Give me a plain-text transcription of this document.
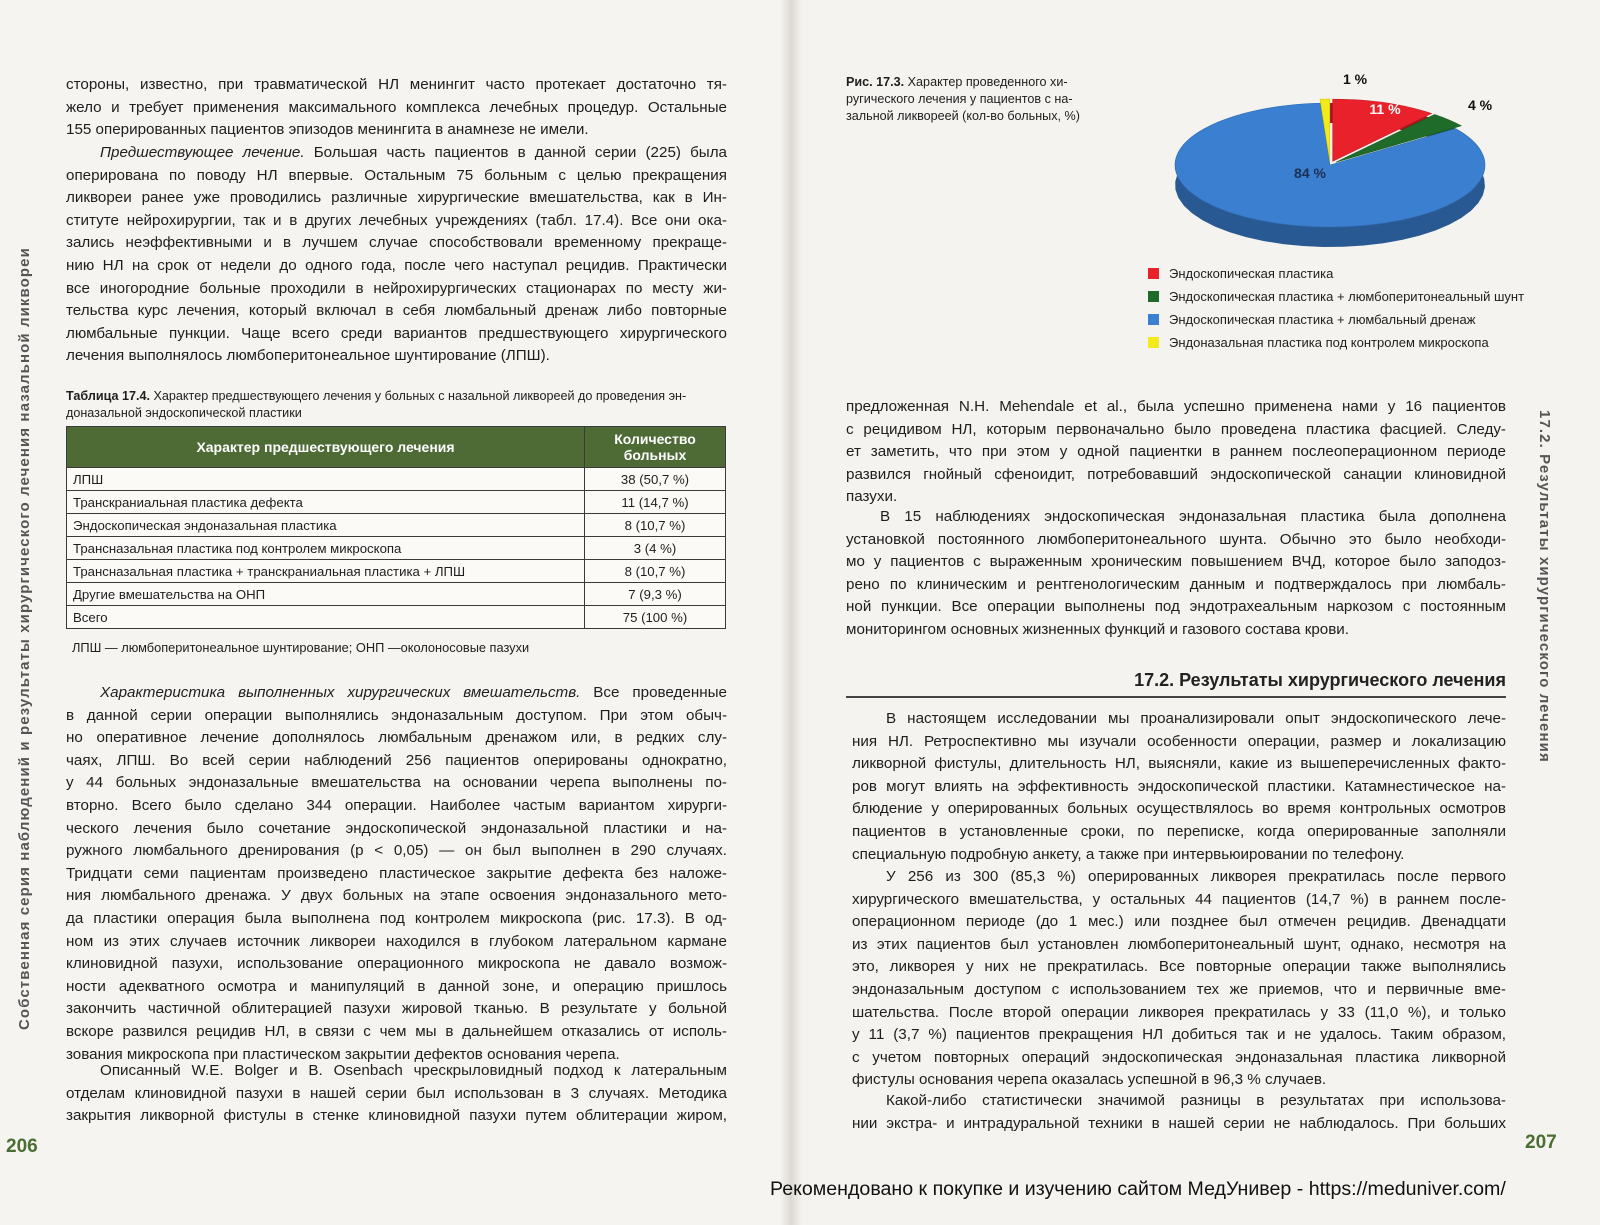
Собственная серия наблюдений и результаты хирургического лечения назальной ликвореи
стороны, известно, при травматической НЛ менингит часто протекает достаточно тя-
жело и требует применения максимального комплекса лечебных процедур. Остальные
155 оперированных пациентов эпизодов менингита в анамнезе не имели.
Предшествующее лечение. Большая часть пациентов в данной серии (225) была
оперирована по поводу НЛ впервые. Остальным 75 больным с целью прекращения
ликвореи ранее уже проводились различные хирургические вмешательства, как в Ин-
ституте нейрохирургии, так и в других лечебных учреждениях (табл. 17.4). Все они ока-
зались неэффективными и в лучшем случае способствовали временному прекраще-
нию НЛ на срок от недели до одного года, после чего наступал рецидив. Практически
все иногородние больные проходили в нейрохирургических стационарах по месту жи-
тельства курс лечения, который включал в себя люмбальный дренаж либо повторные
люмбальные пункции. Чаще всего среди вариантов предшествующего хирургического
лечения выполнялось люмбоперитонеальное шунтирование (ЛПШ).
Таблица 17.4. Характер предшествующего лечения у больных с назальной ликвореей до проведения эн-
доназальной эндоскопической пластики
Характер предшествующего лечения	Количество
больных

ЛПШ	38 (50,7 %)
Транскраниальная пластика дефекта	11 (14,7 %)
Эндоскопическая эндоназальная пластика	8 (10,7 %)
Трансназальная пластика под контролем микроскопа	3 (4 %)
Трансназальная пластика + транскраниальная пластика + ЛПШ	8 (10,7 %)
Другие вмешательства на ОНП	7 (9,3 %)
Всего	75 (100 %)
ЛПШ — люмбоперитонеальное шунтирование; ОНП —околоносовые пазухи
Характеристика выполненных хирургических вмешательств. Все проведенные
в данной серии операции выполнялись эндоназальным доступом. При этом обыч-
но оперативное лечение дополнялось люмбальным дренажом или, в редких слу-
чаях, ЛПШ. Во всей серии наблюдений 256 пациентов оперированы однократно,
у 44 больных эндоназальные вмешательства на основании черепа выполнены по-
вторно. Всего было сделано 344 операции. Наиболее частым вариантом хирурги-
ческого лечения было сочетание эндоскопической эндоназальной пластики и на-
ружного люмбального дренирования (p < 0,05) — он был выполнен в 290 случаях.
Тридцати семи пациентам произведено пластическое закрытие дефекта без наложе-
ния люмбального дренажа. У двух больных на этапе освоения эндоназального мето-
да пластики операция была выполнена под контролем микроскопа (рис. 17.3). В од-
ном из этих случаев источник ликвореи находился в глубоком латеральном кармане
клиновидной пазухи, использование операционного микроскопа не давало возмож-
ности адекватного осмотра и манипуляций в данной зоне, и операцию пришлось
закончить частичной облитерацией пазухи жировой тканью. В результате у больной
вскоре развился рецидив НЛ, в связи с чем мы в дальнейшем отказались от исполь-
зования микроскопа при пластическом закрытии дефектов основания черепа.
Описанный W.E. Bolger и B. Osenbach чрескрыловидный подход к латеральным
отделам клиновидной пазухи в нашей серии был использован в 3 случаях. Методика
закрытия ликворной фистулы в стенке клиновидной пазухи путем облитерации жиром,
206
Рис. 17.3. Характер проведенного хи-
ругического лечения у пациентов с на-
зальной ликвореей (кол-во больных, %)	11 %	4 %
84 %
1 %
Эндоскопическая пластика
Эндоскопическая пластика + люмбоперитонеальный шунт
Эндоскопическая пластика + люмбальный дренаж
Эндоназальная пластика под контролем микроскопа
предложенная N.H. Mehendale et al., была успешно применена нами у 16 пациентов
с рецидивом НЛ, которым первоначально было проведена пластика фасцией. Следу-
ет заметить, что при этом у одной пациентки в раннем послеоперационном периоде
развился гнойный сфеноидит, потребовавший эндоскопической санации клиновидной
пазухи.
В 15 наблюдениях эндоскопическая эндоназальная пластика была дополнена
установкой постоянного люмбоперитонеального шунта. Обычно это было необходи-
мо у пациентов с выраженным хроническим повышением ВЧД, которое было заподоз-
рено по клиническим и рентгенологическим данным и подтверждалось при люмбаль-
ной пункции. Все операции выполнены под эндотрахеальным наркозом с постоянным
мониторингом основных жизненных функций и газового состава крови.
17.2. Результаты хирургического лечения
В настоящем исследовании мы проанализировали опыт эндоскопического лече-
ния НЛ. Ретроспективно мы изучали особенности операции, размер и локализацию
ликворной фистулы, длительность НЛ, выясняли, какие из вышеперечисленных факто-
ров могут влиять на эффективность эндоскопической пластики. Катамнестическое на-
блюдение у оперированных больных осуществлялось во время контрольных осмотров
пациентов в установленные сроки, по переписке, когда оперированные заполняли
специальную подробную анкету, а также при интервьюировании по телефону.
У 256 из 300 (85,3 %) оперированных ликворея прекратилась после первого
хирургического вмешательства, у остальных 44 пациентов (14,7 %) в раннем после-
операционном периоде (до 1 мес.) или позднее был отмечен рецидив. Двенадцати
из этих пациентов был установлен люмбоперитонеальный шунт, однако, несмотря на
это, ликворея у них не прекратилась. Все повторные операции также выполнялись
эндоназальным доступом с использованием тех же приемов, что и первичные вме-
шательства. После второй операции ликворея прекратилась у 33 (11,0 %), и только
у 11 (3,7 %) пациентов прекращения НЛ добиться так и не удалось. Таким образом,
с учетом повторных операций эндоскопическая эндоназальная пластика ликворной
фистулы основания черепа оказалась успешной в 96,3 % случаев.
Какой-либо статистически значимой разницы в результатах при использова-
нии экстра- и интрадуральной техники в нашей серии не наблюдалось. При больших
17.2. Результаты хирургического лечения
207
Рекомендовано к покупке и изучению сайтом МедУнивер - https://meduniver.com/
